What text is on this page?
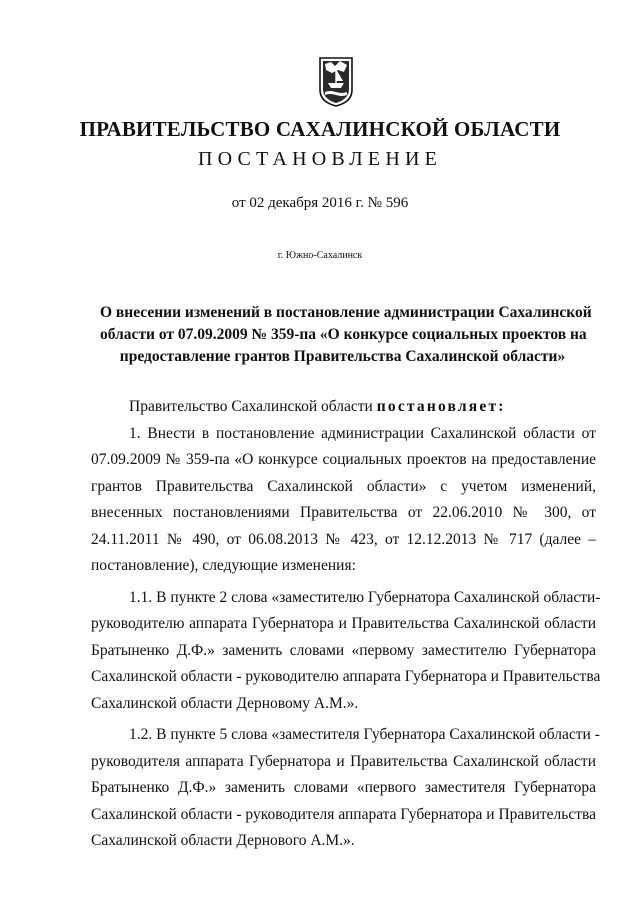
ПРАВИТЕЛЬСТВО САХАЛИНСКОЙ ОБЛАСТИ
ПОСТАНОВЛЕНИЕ
от 02 декабря 2016 г. № 596
г. Южно-Сахалинск
О внесении изменений в постановление администрации Сахалинской
области от 07.09.2009 № 359-па «О конкурсе социальных проектов на
предоставление грантов Правительства Сахалинской области»
Правительство Сахалинской области постановляет:
1. Внести в постановление администрации Сахалинской области от
07.09.2009 № 359-па «О конкурсе социальных проектов на предоставление
грантов Правительства Сахалинской области» с учетом изменений,
внесенных постановлениями Правительства от 22.06.2010 № 300, от
24.11.2011 № 490, от 06.08.2013 № 423, от 12.12.2013 № 717 (далее –
постановление), следующие изменения:
1.1. В пункте 2 слова «заместителю Губернатора Сахалинской области-
руководителю аппарата Губернатора и Правительства Сахалинской области
Братыненко Д.Ф.» заменить словами «первому заместителю Губернатора
Сахалинской области - руководителю аппарата Губернатора и Правительства
Сахалинской области Дерновому А.М.».
1.2. В пункте 5 слова «заместителя Губернатора Сахалинской области -
руководителя аппарата Губернатора и Правительства Сахалинской области
Братыненко Д.Ф.» заменить словами «первого заместителя Губернатора
Сахалинской области - руководителя аппарата Губернатора и Правительства
Сахалинской области Дернового А.М.».
